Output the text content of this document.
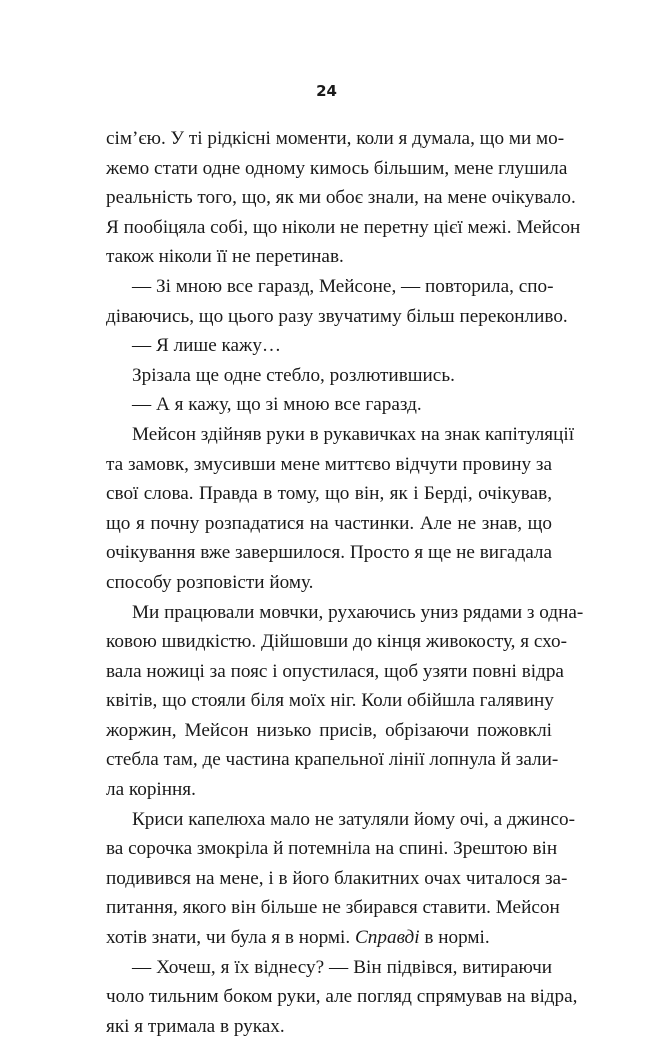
24
сім’єю. У ті рідкісні моменти, коли я думала, що ми мо-
жемо стати одне одному кимось більшим, мене глушила
реальність того, що, як ми обоє знали, на мене очікувало.
Я пообіцяла собі, що ніколи не перетну цієї межі. Мейсон
також ніколи її не перетинав.
— Зі мною все гаразд, Мейсоне, — повторила, спо-
діваючись, що цього разу звучатиму більш переконливо.
— Я лише кажу…
Зрізала ще одне стебло, розлютившись.
— А я кажу, що зі мною все гаразд.
Мейсон здійняв руки в рукавичках на знак капітуляції
та замовк, змусивши мене миттєво відчути провину за
свої слова. Правда в тому, що він, як і Берді, очікував,
що я почну розпадатися на частинки. Але не знав, що
очікування вже завершилося. Просто я ще не вигадала
способу розповісти йому.
Ми працювали мовчки, рухаючись униз рядами з одна-
ковою швидкістю. Дійшовши до кінця живокосту, я схо-
вала ножиці за пояс і опустилася, щоб узяти повні відра
квітів, що стояли біля моїх ніг. Коли обійшла галявину
жоржин, Мейсон низько присів, обрізаючи пожовклі
стебла там, де частина крапельної лінії лопнула й зали-
ла коріння.
Криси капелюха мало не затуляли йому очі, а джинсо-
ва сорочка змокріла й потемніла на спині. Зрештою він
подивився на мене, і в його блакитних очах читалося за-
питання, якого він більше не збирався ставити. Мейсон
хотів знати, чи була я в нормі. Справді в нормі.
— Хочеш, я їх віднесу? — Він підвівся, витираючи
чоло тильним боком руки, але погляд спрямував на відра,
які я тримала в руках.
